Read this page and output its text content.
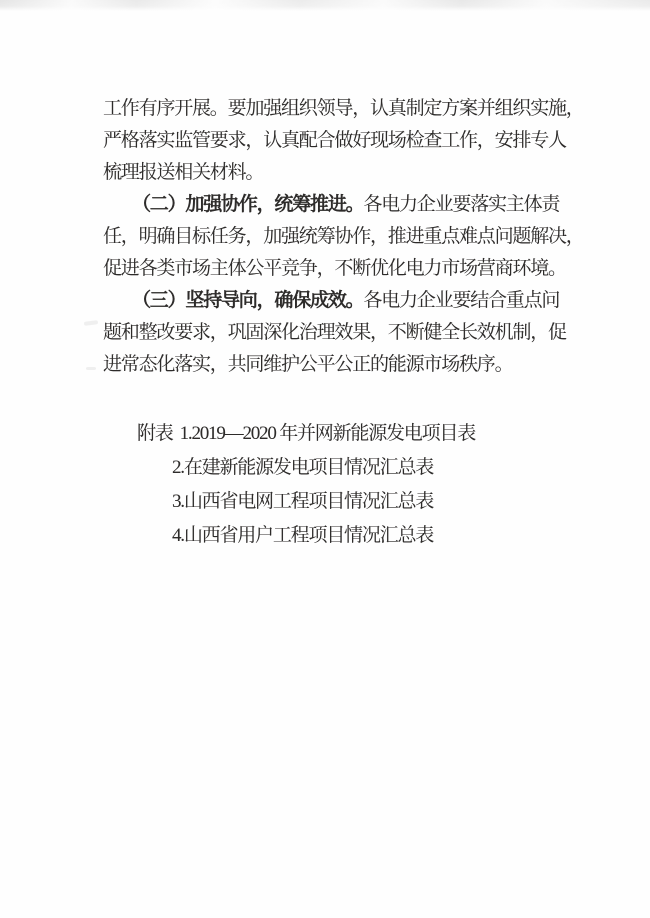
工作有序开展。要加强组织领导，认真制定方案并组织实施，
严格落实监管要求，认真配合做好现场检查工作，安排专人
梳理报送相关材料。
（二）加强协作，统筹推进。各电力企业要落实主体责
任，明确目标任务，加强统筹协作，推进重点难点问题解决，
促进各类市场主体公平竞争，不断优化电力市场营商环境。
（三）坚持导向，确保成效。各电力企业要结合重点问
题和整改要求，巩固深化治理效果，不断健全长效机制，促
进常态化落实，共同维护公平公正的能源市场秩序。
附表 1.2019—2020 年并网新能源发电项目表
2.在建新能源发电项目情况汇总表
3.山西省电网工程项目情况汇总表
4.山西省用户工程项目情况汇总表
